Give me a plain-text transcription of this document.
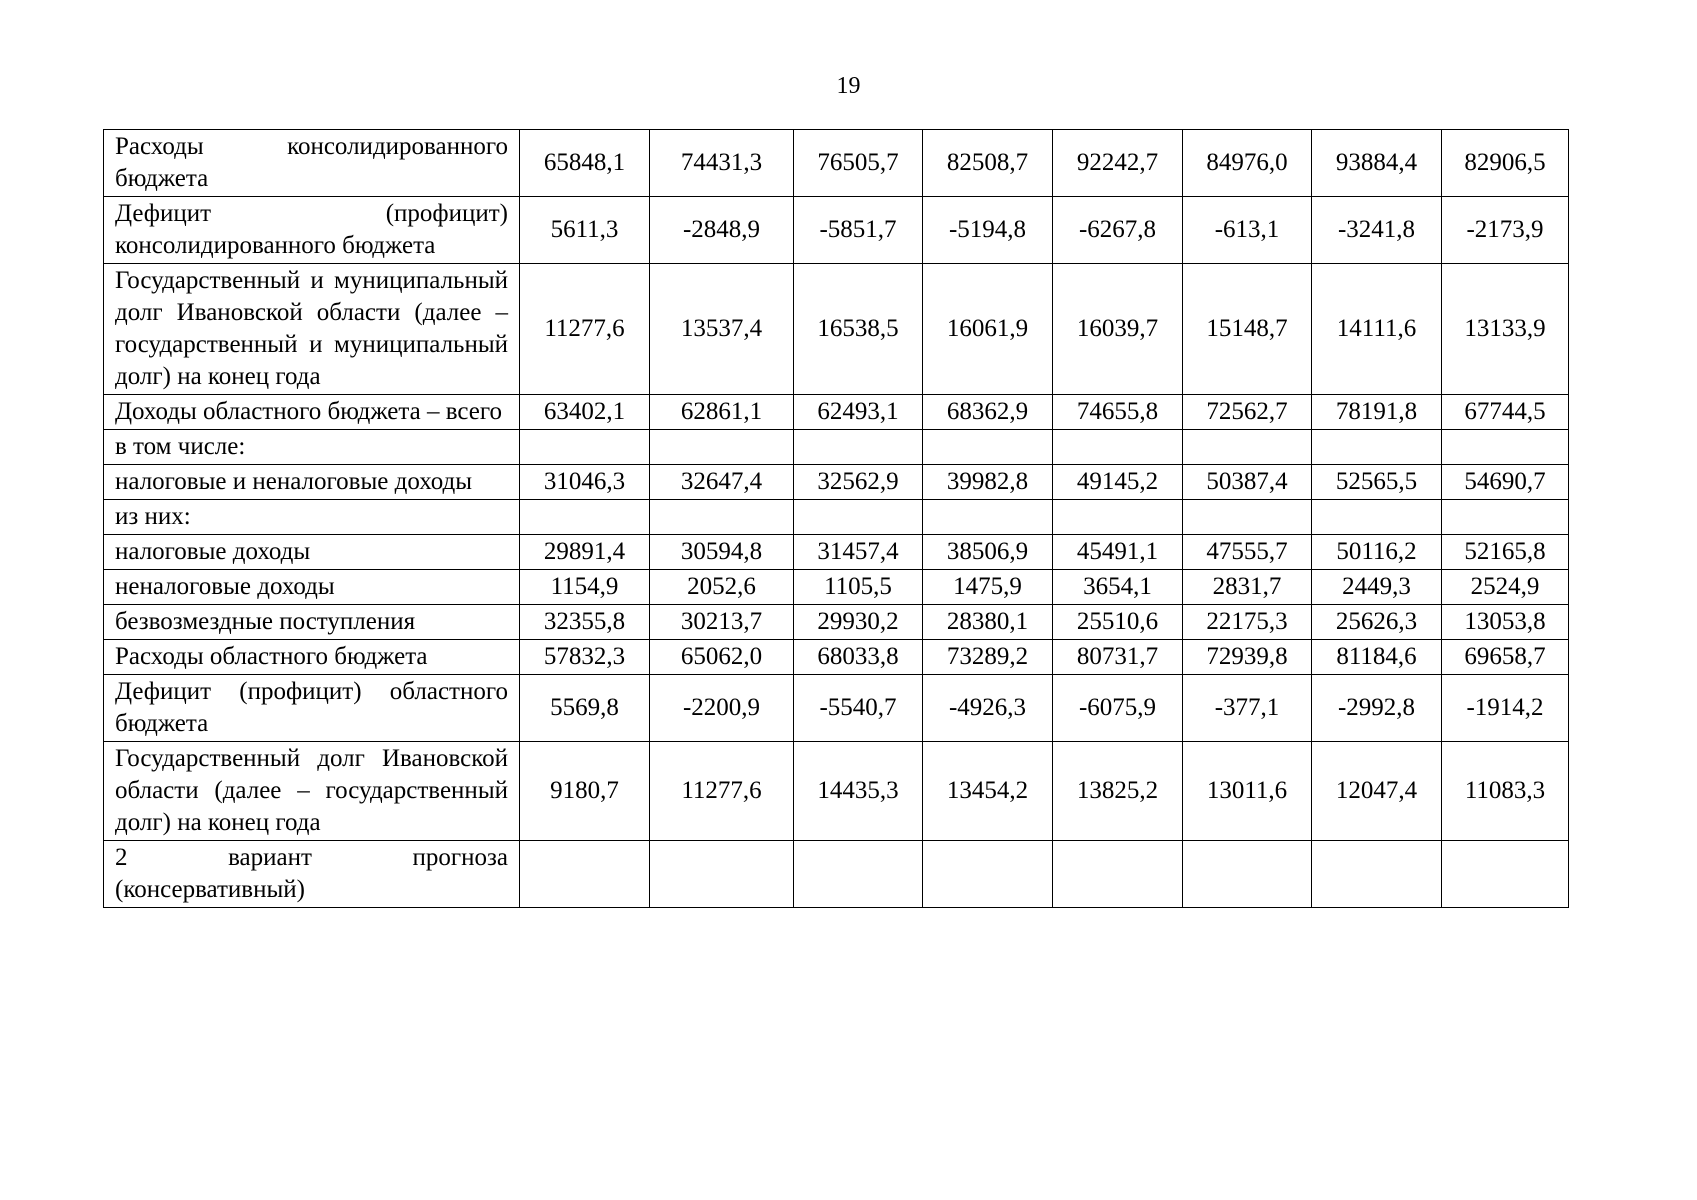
19
Расходы консолидированного бюджета	65848,1	74431,3	76505,7	82508,7	92242,7	84976,0	93884,4	82906,5
Дефицит (профицит) консолидированного бюджета	5611,3	-2848,9	-5851,7	-5194,8	-6267,8	-613,1	-3241,8	-2173,9
Государственный и муниципальный долг Ивановской области (далее – государственный и муниципальный долг) на конец года	11277,6	13537,4	16538,5	16061,9	16039,7	15148,7	14111,6	13133,9
Доходы областного бюджета – всего	63402,1	62861,1	62493,1	68362,9	74655,8	72562,7	78191,8	67744,5
в том числе:								
налоговые и неналоговые доходы	31046,3	32647,4	32562,9	39982,8	49145,2	50387,4	52565,5	54690,7
из них:								
налоговые доходы	29891,4	30594,8	31457,4	38506,9	45491,1	47555,7	50116,2	52165,8
неналоговые доходы	1154,9	2052,6	1105,5	1475,9	3654,1	2831,7	2449,3	2524,9
безвозмездные поступления	32355,8	30213,7	29930,2	28380,1	25510,6	22175,3	25626,3	13053,8
Расходы областного бюджета	57832,3	65062,0	68033,8	73289,2	80731,7	72939,8	81184,6	69658,7
Дефицит (профицит) областного бюджета	5569,8	-2200,9	-5540,7	-4926,3	-6075,9	-377,1	-2992,8	-1914,2
Государственный долг Ивановской области (далее – государственный долг) на конец года	9180,7	11277,6	14435,3	13454,2	13825,2	13011,6	12047,4	11083,3
2 вариант прогноза (консервативный)								
